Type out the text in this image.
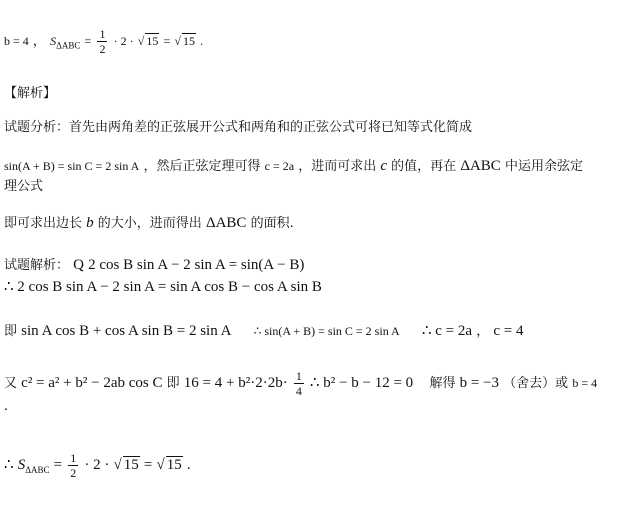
b = 4 ， $S_{\Delta ABC} = \frac{1}{2} \cdot 2$ · √ 15 = √ 15 .
【解析】
试题分析：首先由两角差的正弦展开公式和两角和的正弦公式可将已知等式化简成
sin(A + B) = sin C = 2 sin A ，然后正弦定理可得 c = 2a ，进而可求出 c 的值，再在 ΔABC 中运用余弦定
理公式
即可求出边长 b 的大小，进而得出 ΔABC 的面积.
试题解析： Q 2 cos B sin A − 2 sin A = sin(A − B)
∴ 2 cos B sin A − 2 sin A = sin A cos B − cos A sin B
即 sin A cos B + cos A sin B = 2 sin A ∴ sin(A + B) = sin C = 2 sin A ∴ c = 2a ， c = 4
又 c² = a² + b² − 2ab cos C 即 $16 = 4 + b^2\cdot 2\cdot 2b\cdot \frac{1}{4}$ ∴ b² − b − 12 = 0 解得 b = −3 （舍去）或 b = 4
.
∴ $S_{\Delta ABC} = \frac{1}{2} \cdot 2$ · √ 15 = √ 15 .
